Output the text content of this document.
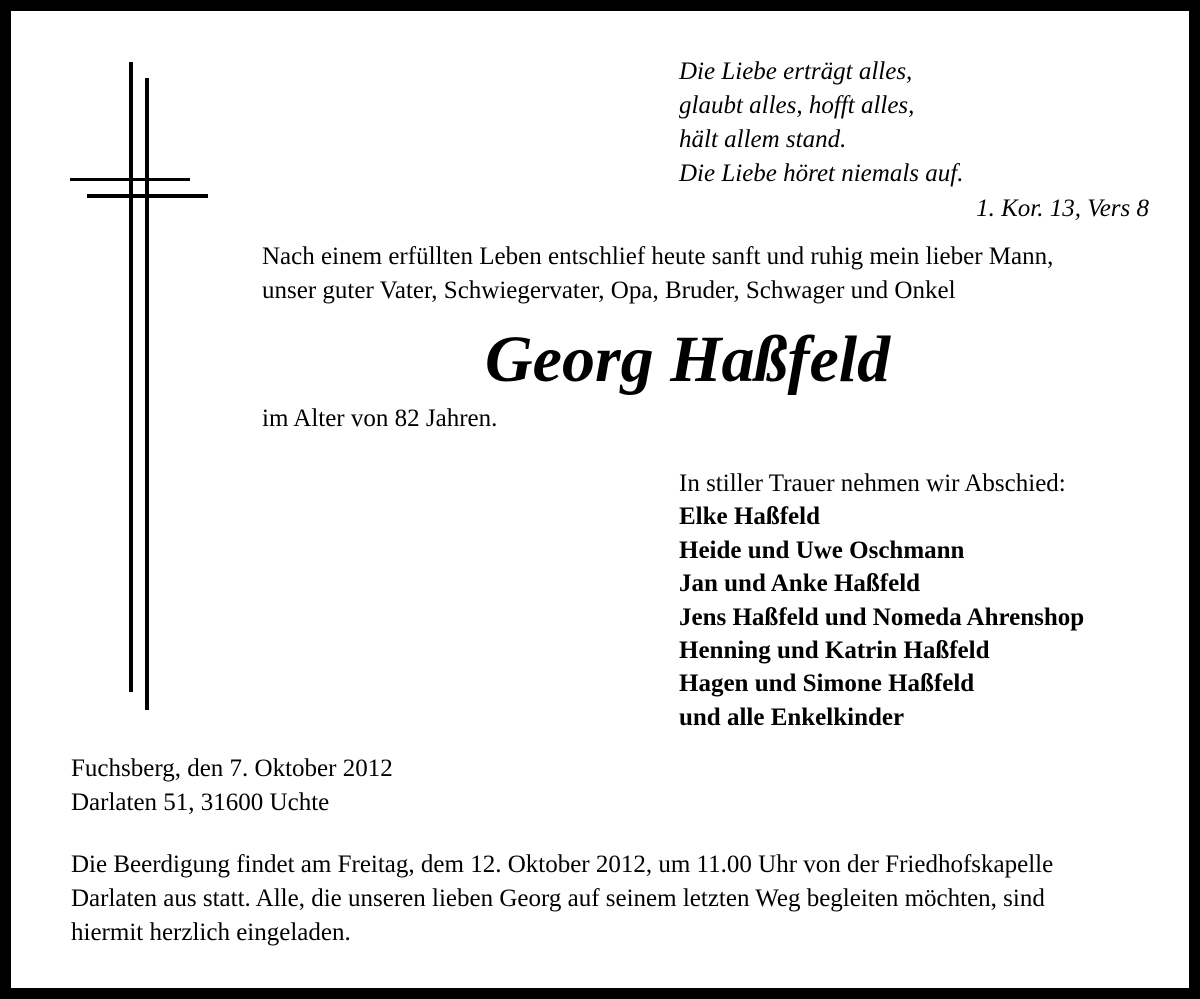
Die Liebe erträgt alles,
glaubt alles, hofft alles,
hält allem stand.
Die Liebe höret niemals auf.
1. Kor. 13, Vers 8
Nach einem erfüllten Leben entschlief heute sanft und ruhig mein lieber Mann,
unser guter Vater, Schwiegervater, Opa, Bruder, Schwager und Onkel
Georg Haßfeld
im Alter von 82 Jahren.
In stiller Trauer nehmen wir Abschied:
Elke Haßfeld
Heide und Uwe Oschmann
Jan und Anke Haßfeld
Jens Haßfeld und Nomeda Ahrenshop
Henning und Katrin Haßfeld
Hagen und Simone Haßfeld
und alle Enkelkinder
Fuchsberg, den 7. Oktober 2012
Darlaten 51, 31600 Uchte
Die Beerdigung findet am Freitag, dem 12. Oktober 2012, um 11.00 Uhr von der Friedhofskapelle
Darlaten aus statt. Alle, die unseren lieben Georg auf seinem letzten Weg begleiten möchten, sind
hiermit herzlich eingeladen.
